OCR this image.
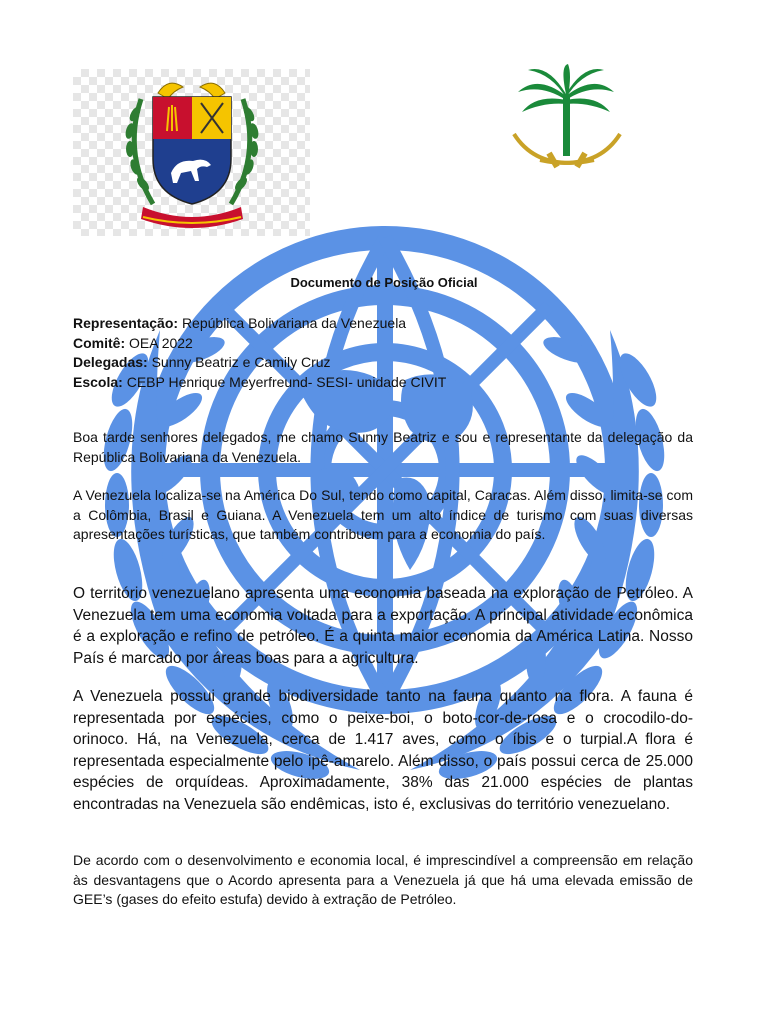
Documento de Posição Oficial
Representação: República Bolivariana da Venezuela
Comitê: OEA 2022
Delegadas: Sunny Beatriz e Camily Cruz
Escola: CEBP Henrique Meyerfreund- SESI- unidade CIVIT

Boa tarde senhores delegados, me chamo Sunny Beatriz e sou e representante da delegação da República Bolivariana da Venezuela.

A Venezuela localiza-se na América Do Sul, tendo como capital, Caracas. Além disso, limita-se com a Colômbia, Brasil e Guiana. A Venezuela tem um alto índice de turismo com suas diversas apresentações turísticas, que também contribuem para a economia do país.

O território venezuelano apresenta uma economia baseada na exploração de Petróleo. A Venezuela tem uma economia voltada para a exportação. A principal atividade econômica é a exploração e refino de petróleo. É a quinta maior economia da América Latina. Nosso País é marcado por áreas boas para a agricultura.

A Venezuela possui grande biodiversidade tanto na fauna quanto na flora. A fauna é representada por espécies, como o peixe-boi, o boto-cor-de-rosa e o crocodilo-do-orinoco. Há, na Venezuela, cerca de 1.417 aves, como o íbis e o turpial.A flora é representada especialmente pelo ipê-amarelo. Além disso, o país possui cerca de 25.000 espécies de orquídeas. Aproximadamente, 38% das 21.000 espécies de plantas encontradas na Venezuela são endêmicas, isto é, exclusivas do território venezuelano.

De acordo com o desenvolvimento e economia local, é imprescindível a compreensão em relação às desvantagens que o Acordo apresenta para a Venezuela já que há uma elevada emissão de GEE’s (gases do efeito estufa) devido à extração de Petróleo.
